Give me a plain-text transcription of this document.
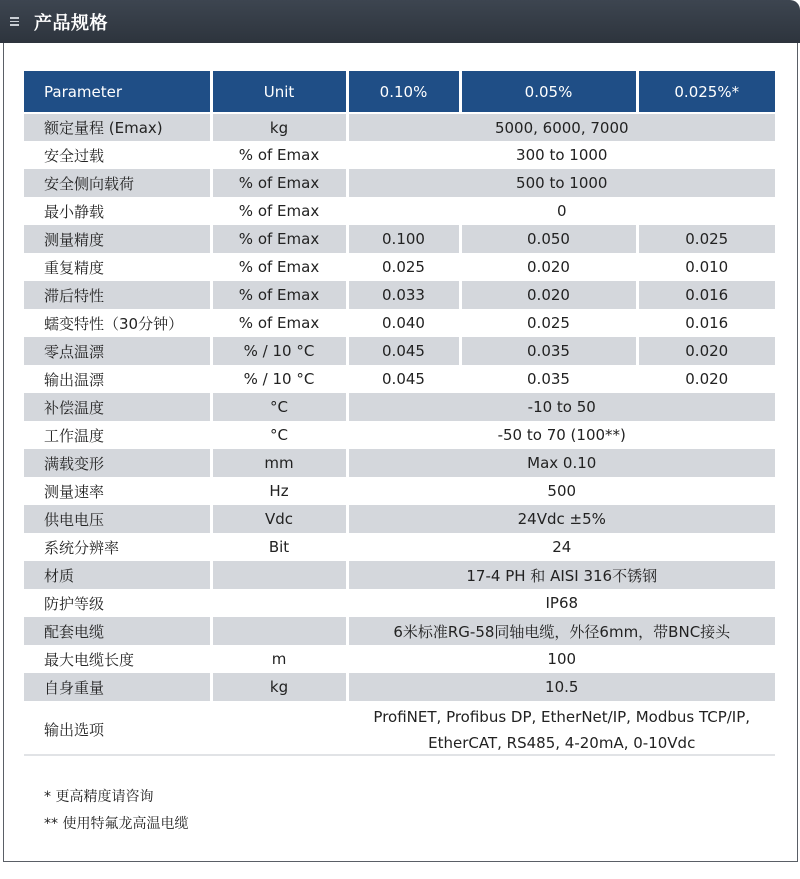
产品规格
Parameter	Unit	0.10%	0.05%	0.025%*
额定量程 (Emax)	kg	5000, 6000, 7000		
安全过载	% of Emax	300 to 1000		
安全侧向载荷	% of Emax	500 to 1000		
最小静载	% of Emax	0		
测量精度	% of Emax	0.100	0.050	0.025
重复精度	% of Emax	0.025	0.020	0.010
滞后特性	% of Emax	0.033	0.020	0.016
蠕变特性（30分钟）	% of Emax	0.040	0.025	0.016
零点温漂	% / 10 °C	0.045	0.035	0.020
输出温漂	% / 10 °C	0.045	0.035	0.020
补偿温度	°C	-10 to 50		
工作温度	°C	-50 to 70 (100**)		
满载变形	mm	Max 0.10		
测量速率	Hz	500		
供电电压	Vdc	24Vdc ±5%		
系统分辨率	Bit	24		
材质		17-4 PH 和 AISI 316不锈钢		
防护等级		IP68		
配套电缆		6米标准RG-58同轴电缆，外径6mm，带BNC接头		
最大电缆长度	m	100		
自身重量	kg	10.5		
输出选项		ProfiNET, Profibus DP, EtherNet/IP, Modbus TCP/IP, EtherCAT, RS485, 4-20mA, 0-10Vdc		
* 更高精度请咨询
** 使用特氟龙高温电缆
